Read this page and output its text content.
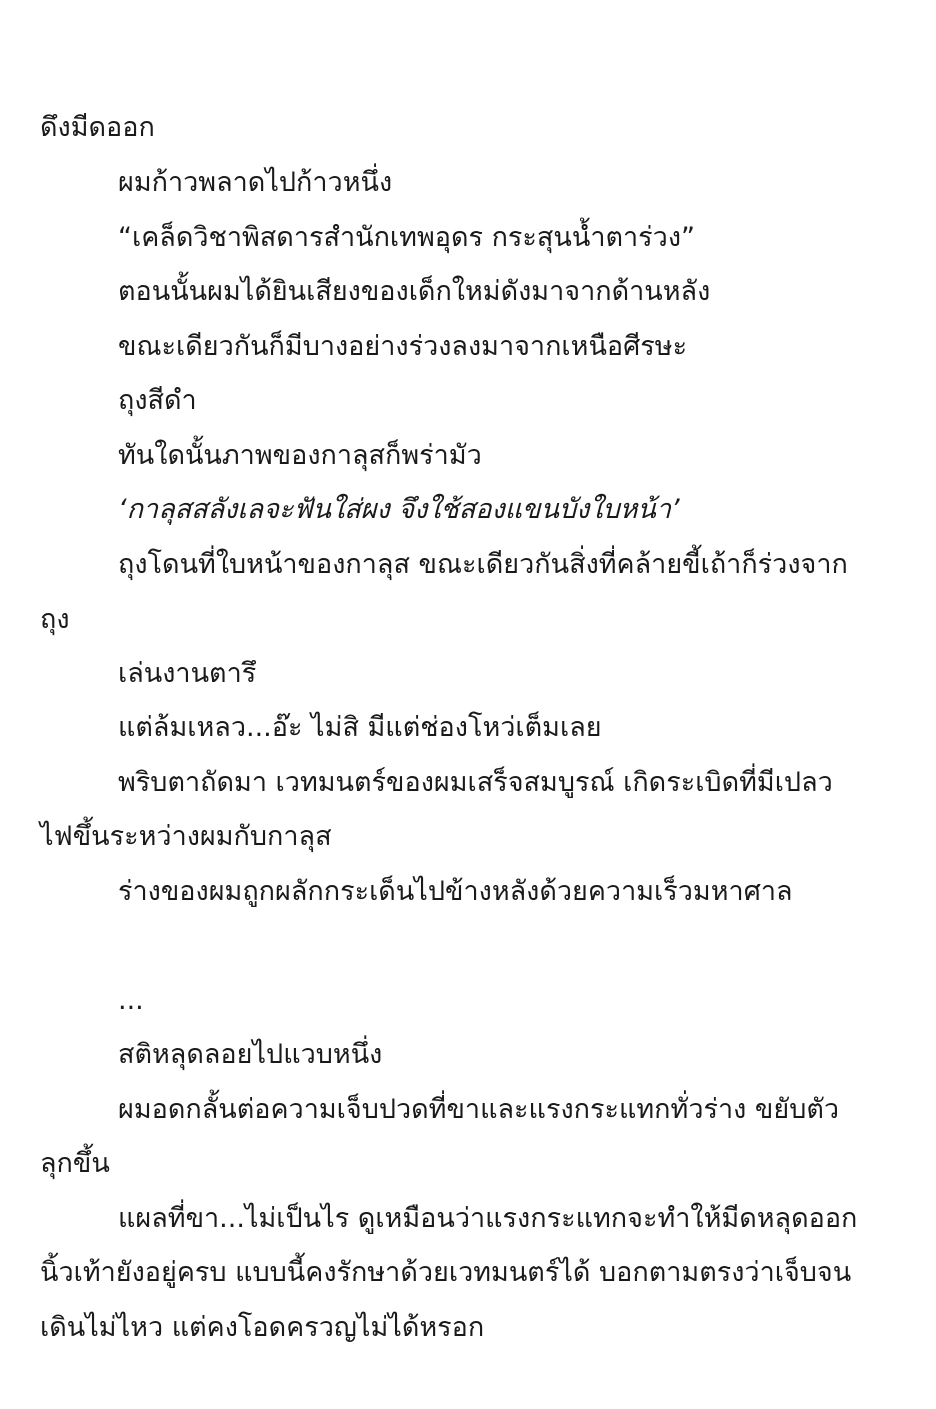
ดึงมีดออก
ผมก้าวพลาดไปก้าวหนึ่ง
“เคล็ดวิชาพิสดารสำนักเทพอุดร กระสุนน้ำตาร่วง”
ตอนนั้นผมได้ยินเสียงของเด็กใหม่ดังมาจากด้านหลัง
ขณะเดียวกันก็มีบางอย่างร่วงลงมาจากเหนือศีรษะ
ถุงสีดำ
ทันใดนั้นภาพของกาลุสก็พร่ามัว
‘กาลุสสลังเลจะฟันใส่ผง จึงใช้สองแขนบังใบหน้า’
ถุงโดนที่ใบหน้าของกาลุส ขณะเดียวกันสิ่งที่คล้ายขี้เถ้าก็ร่วงจาก
ถุง
เล่นงานตารึ
แต่ล้มเหลว...อ๊ะ ไม่สิ มีแต่ช่องโหว่เต็มเลย
พริบตาถัดมา เวทมนตร์ของผมเสร็จสมบูรณ์ เกิดระเบิดที่มีเปลว
ไฟขึ้นระหว่างผมกับกาลุส
ร่างของผมถูกผลักกระเด็นไปข้างหลังด้วยความเร็วมหาศาล
...
สติหลุดลอยไปแวบหนึ่ง
ผมอดกลั้นต่อความเจ็บปวดที่ขาและแรงกระแทกทั่วร่าง ขยับตัว
ลุกขึ้น
แผลที่ขา...ไม่เป็นไร ดูเหมือนว่าแรงกระแทกจะทำให้มีดหลุดออก
นิ้วเท้ายังอยู่ครบ แบบนี้คงรักษาด้วยเวทมนตร์ได้ บอกตามตรงว่าเจ็บจน
เดินไม่ไหว แต่คงโอดครวญไม่ได้หรอก
